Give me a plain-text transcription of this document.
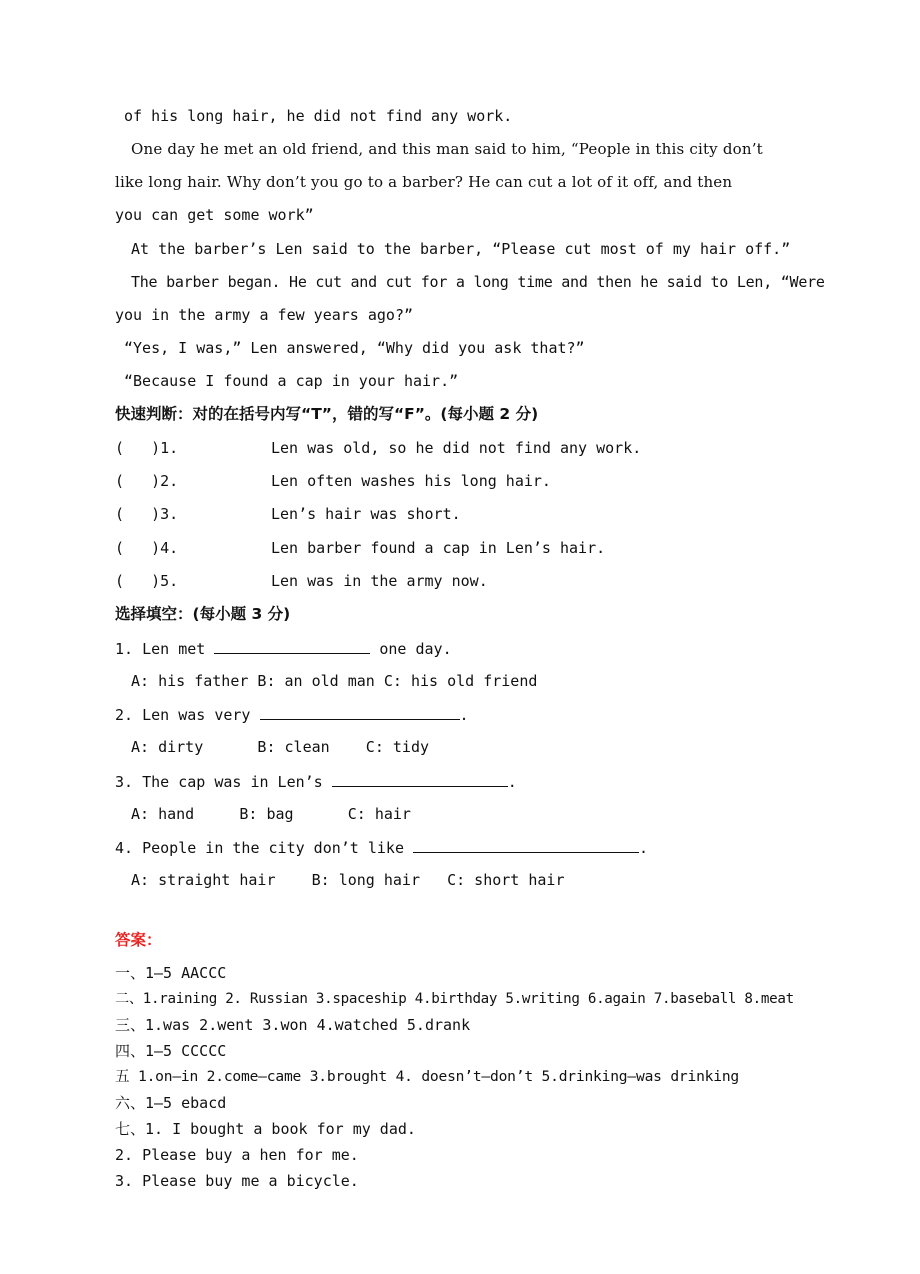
of his long hair, he did not find any work.
One day he met an old friend, and this man said to him, “People in this city don’t
like long hair. Why don’t you go to a barber? He can cut a lot of it off, and then
you can get some work”
At the barber’s Len said to the barber, “Please cut most of my hair off.”
The barber began. He cut and cut for a long time and then he said to Len, “Were
you in the army a few years ago?”
“Yes, I was,” Len answered, “Why did you ask that?”
“Because I found a cap in your hair.”
快速判断：对的在括号内写“T”，错的写“F”。(每小题 2 分)
(   )1.	Len was old, so he did not find any work.
(   )2.	Len often washes his long hair.
(   )3.	Len’s hair was short.
(   )4.	Len barber found a cap in Len’s hair.
(   )5.	Len was in the army now.
选择填空：(每小题 3 分)
1. Len met	one day.
A: his father B: an old man C: his old friend
2. Len was very	.
A: dirty      B: clean    C: tidy
3. The cap was in Len’s	.
A: hand     B: bag      C: hair
4. People in the city don’t like	.
A: straight hair    B: long hair   C: short hair
答案：
一、1—5 AACCC
二、1.raining 2. Russian 3.spaceship 4.birthday 5.writing 6.again 7.baseball 8.meat
三、1.was 2.went 3.won 4.watched 5.drank
四、1—5 CCCCC
五 1.on—in 2.come—came 3.brought 4. doesn’t—don’t 5.drinking—was drinking
六、1—5 ebacd
七、1. I bought a book for my dad.
2. Please buy a hen for me.
3. Please buy me a bicycle.
